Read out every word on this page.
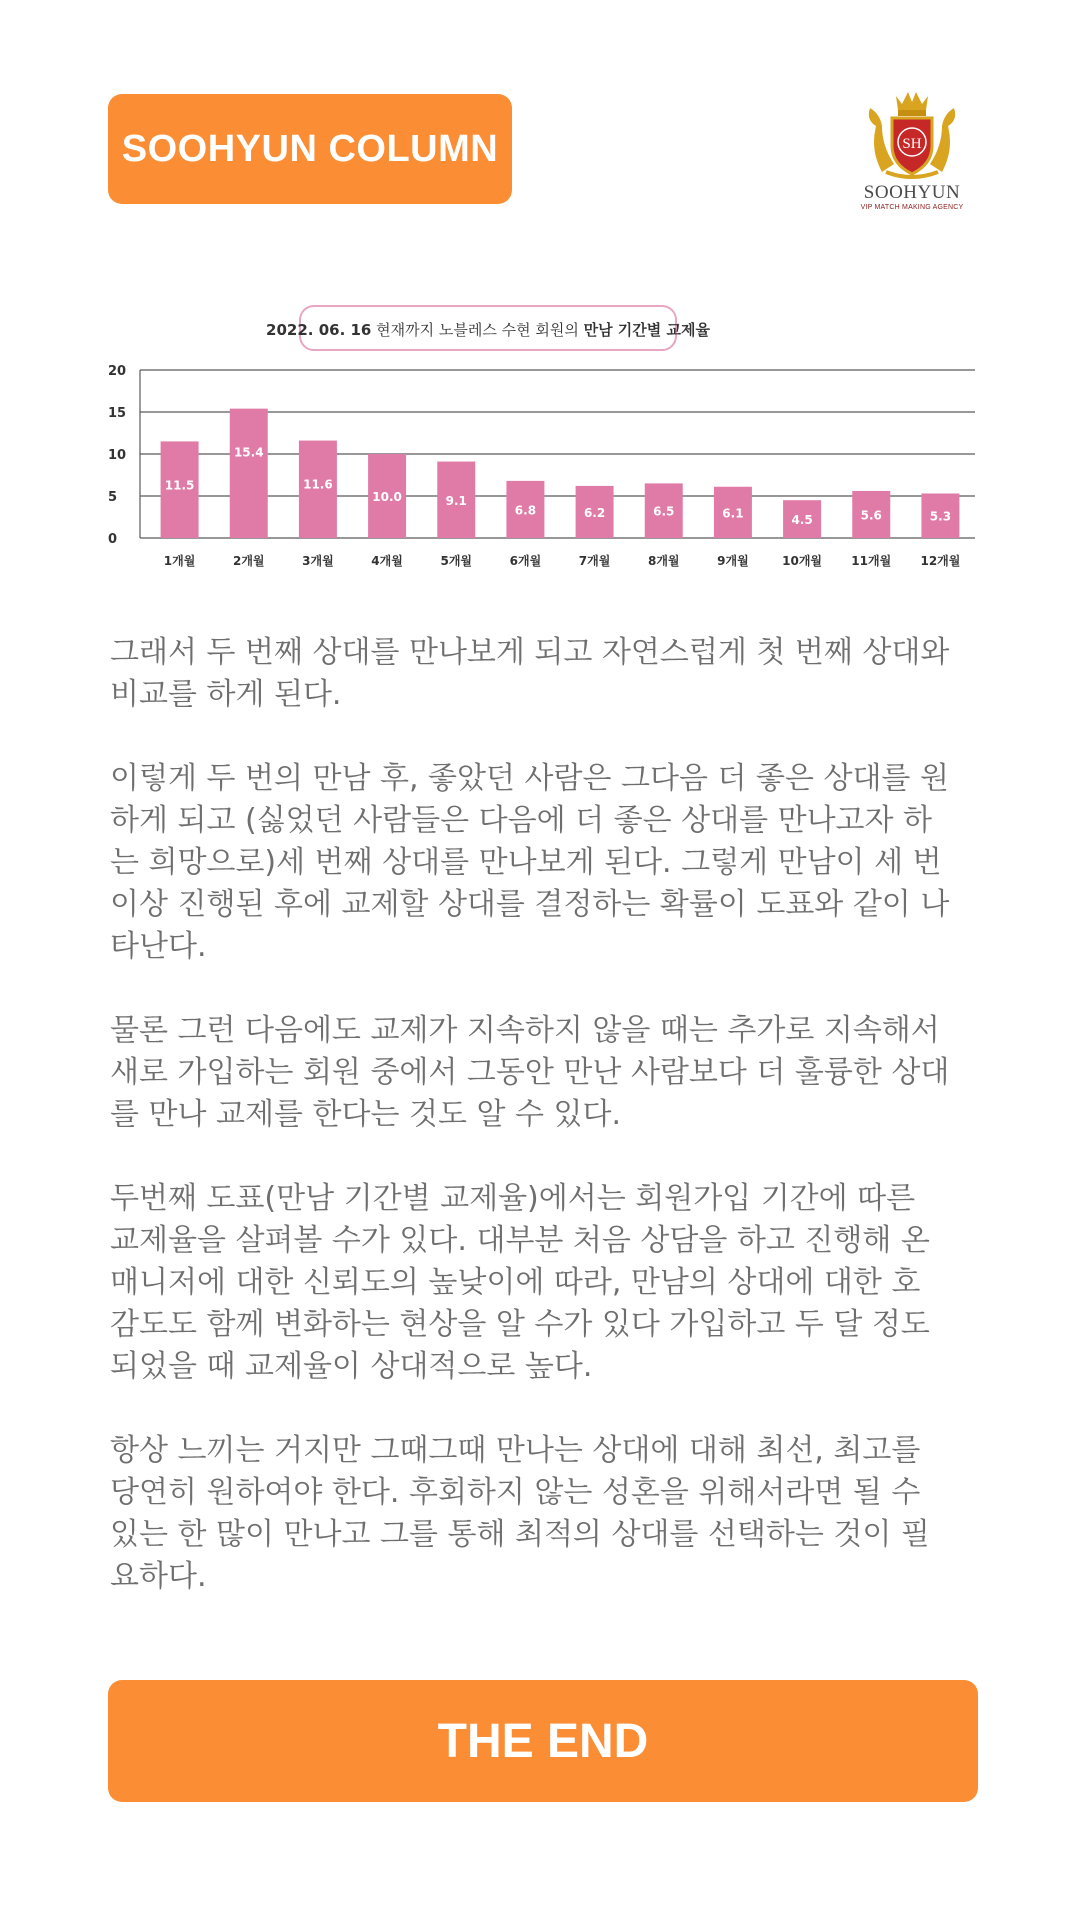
SOOHYUN COLUMN	SH
SOOHYUN
VIP MATCH MAKING AGENCY
2022. 06. 16 현재까지 노블레스 수현 회원의 만남 기간별 교제율
0
5
10
15
20
11.5
1개월
15.4
2개월
11.6
3개월
10.0
4개월
9.1
5개월
6.8
6개월
6.2
7개월
6.5
8개월
6.1
9개월
4.5
10개월
5.6
11개월
5.3
12개월

그래서 두 번째 상대를 만나보게 되고 자연스럽게 첫 번째 상대와
비교를 하게 된다.

이렇게 두 번의 만남 후, 좋았던 사람은 그다음 더 좋은 상대를 원
하게 되고 (싫었던 사람들은 다음에 더 좋은 상대를 만나고자 하
는 희망으로)세 번째 상대를 만나보게 된다. 그렇게 만남이 세 번
이상 진행된 후에 교제할 상대를 결정하는 확률이 도표와 같이 나
타난다.

물론 그런 다음에도 교제가 지속하지 않을 때는 추가로 지속해서
새로 가입하는 회원 중에서 그동안 만난 사람보다 더 훌륭한 상대
를 만나 교제를 한다는 것도 알 수 있다.

두번째 도표(만남 기간별 교제율)에서는 회원가입 기간에 따른
교제율을 살펴볼 수가 있다. 대부분 처음 상담을 하고 진행해 온
매니저에 대한 신뢰도의 높낮이에 따라, 만남의 상대에 대한 호
감도도 함께 변화하는 현상을 알 수가 있다 가입하고 두 달 정도
되었을 때 교제율이 상대적으로 높다.

항상 느끼는 거지만 그때그때 만나는 상대에 대해 최선, 최고를
당연히 원하여야 한다. 후회하지 않는 성혼을 위해서라면 될 수
있는 한 많이 만나고 그를 통해 최적의 상대를 선택하는 것이 필
요하다.

THE END
